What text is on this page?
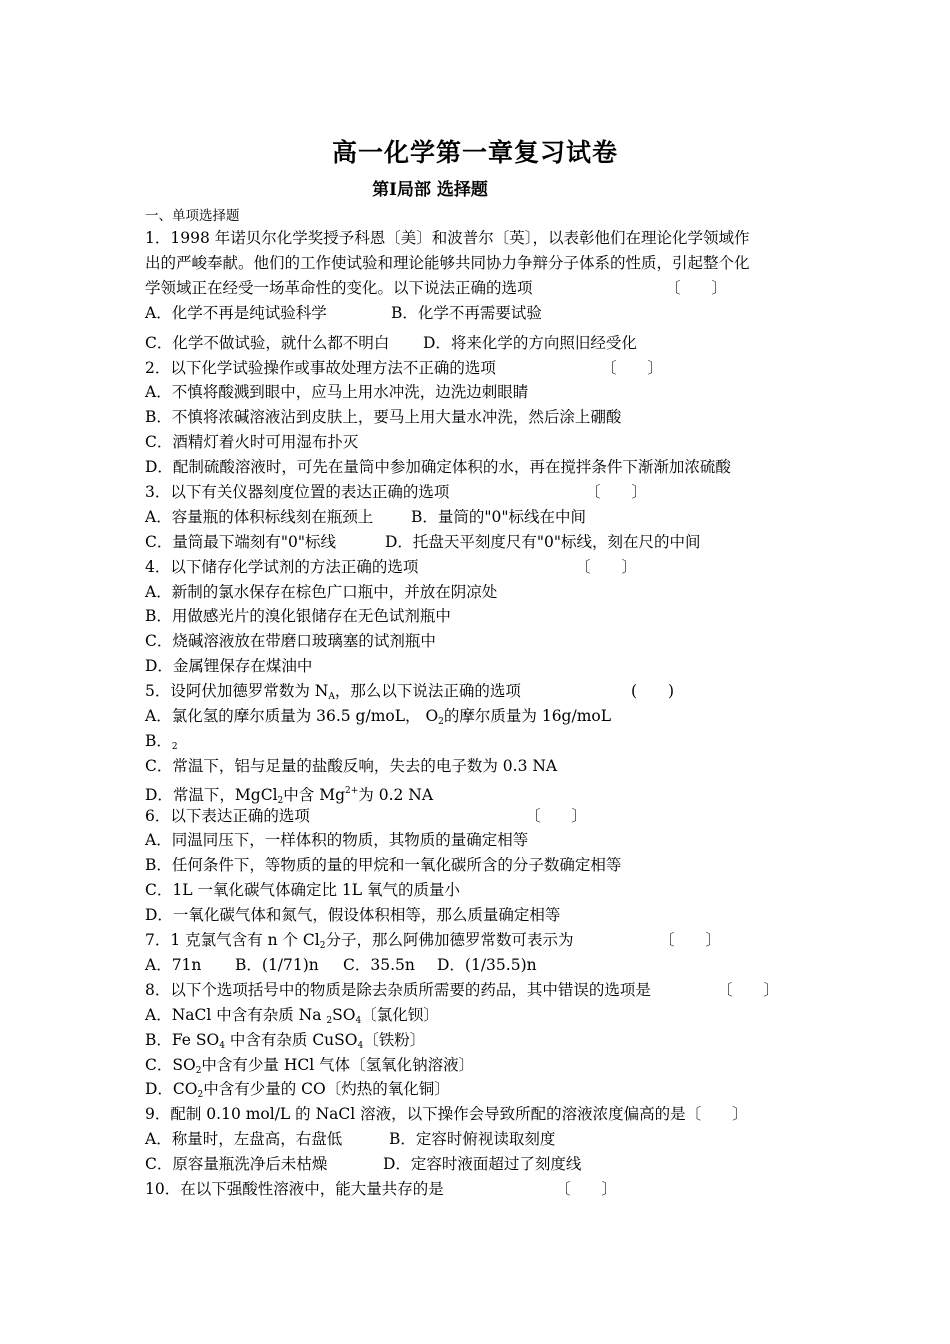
高一化学第一章复习试卷
第Ⅰ局部 选择题
一、单项选择题
1．1998 年诺贝尔化学奖授予科恩〔美〕和波普尔〔英〕，以表彰他们在理论化学领域作
出的严峻奉献。他们的工作使试验和理论能够共同协力争辩分子体系的性质，引起整个化
学领域正在经受一场革命性的变化。以下说法正确的选项	〔　　〕
A．化学不再是纯试验科学	B．化学不再需要试验
C．化学不做试验，就什么都不明白 D．将来化学的方向照旧经受化
2．以下化学试验操作或事故处理方法不正确的选项	〔　　〕
A．不慎将酸溅到眼中，应马上用水冲洗，边洗边刺眼睛
B．不慎将浓碱溶液沾到皮肤上，要马上用大量水冲洗，然后涂上硼酸
C．酒精灯着火时可用湿布扑灭
D．配制硫酸溶液时，可先在量筒中参加确定体积的水，再在搅拌条件下渐渐加浓硫酸
3．以下有关仪器刻度位置的表达正确的选项	〔　　〕
A．容量瓶的体积标线刻在瓶颈上 B．量筒的"0"标线在中间
C．量筒最下端刻有"0"标线	D．托盘天平刻度尺有"0"标线，刻在尺的中间
4．以下储存化学试剂的方法正确的选项	〔　　〕
A．新制的氯水保存在棕色广口瓶中，并放在阴凉处
B．用做感光片的溴化银储存在无色试剂瓶中
C．烧碱溶液放在带磨口玻璃塞的试剂瓶中
D．金属锂保存在煤油中
5．设阿伏加德罗常数为 $N_A$，那么以下说法正确的选项	(　　)
A．氯化氢的摩尔质量为 36.5 g/moL， $O_2$的摩尔质量为 16g/moL
B．$_2$
C．常温下，铝与足量的盐酸反响，失去的电子数为 0.3 NA
D．常温下，MgCl$_2$中含 $Mg^{2+}$为 0.2 NA
6．以下表达正确的选项	〔　　〕
A．同温同压下，一样体积的物质，其物质的量确定相等
B．任何条件下，等物质的量的甲烷和一氧化碳所含的分子数确定相等
C．1L 一氧化碳气体确定比 1L 氧气的质量小
D．一氧化碳气体和氮气，假设体积相等，那么质量确定相等
7．1 克氯气含有 n 个 $Cl_2$分子，那么阿佛加德罗常数可表示为	〔　　〕
A．71n B．(1/71)n C．35.5n D．(1/35.5)n
8．以下个选项括号中的物质是除去杂质所需要的药品，其中错误的选项是	〔　　〕
A．NaCl 中含有杂质 Na $_2SO_4$〔氯化钡〕
B．Fe $SO_4$ 中含有杂质 CuSO$_4$〔铁粉〕
C．$SO_2$中含有少量 HCl 气体〔氢氧化钠溶液〕
D．$CO_2$中含有少量的 CO〔灼热的氧化铜〕
9．配制 0.10 mol/L 的 NaCl 溶液，以下操作会导致所配的溶液浓度偏高的是〔　　〕
A．称量时，左盘高，右盘低	B．定容时俯视读取刻度
C．原容量瓶洗净后未枯燥	D．定容时液面超过了刻度线
10．在以下强酸性溶液中，能大量共存的是	〔　　〕
